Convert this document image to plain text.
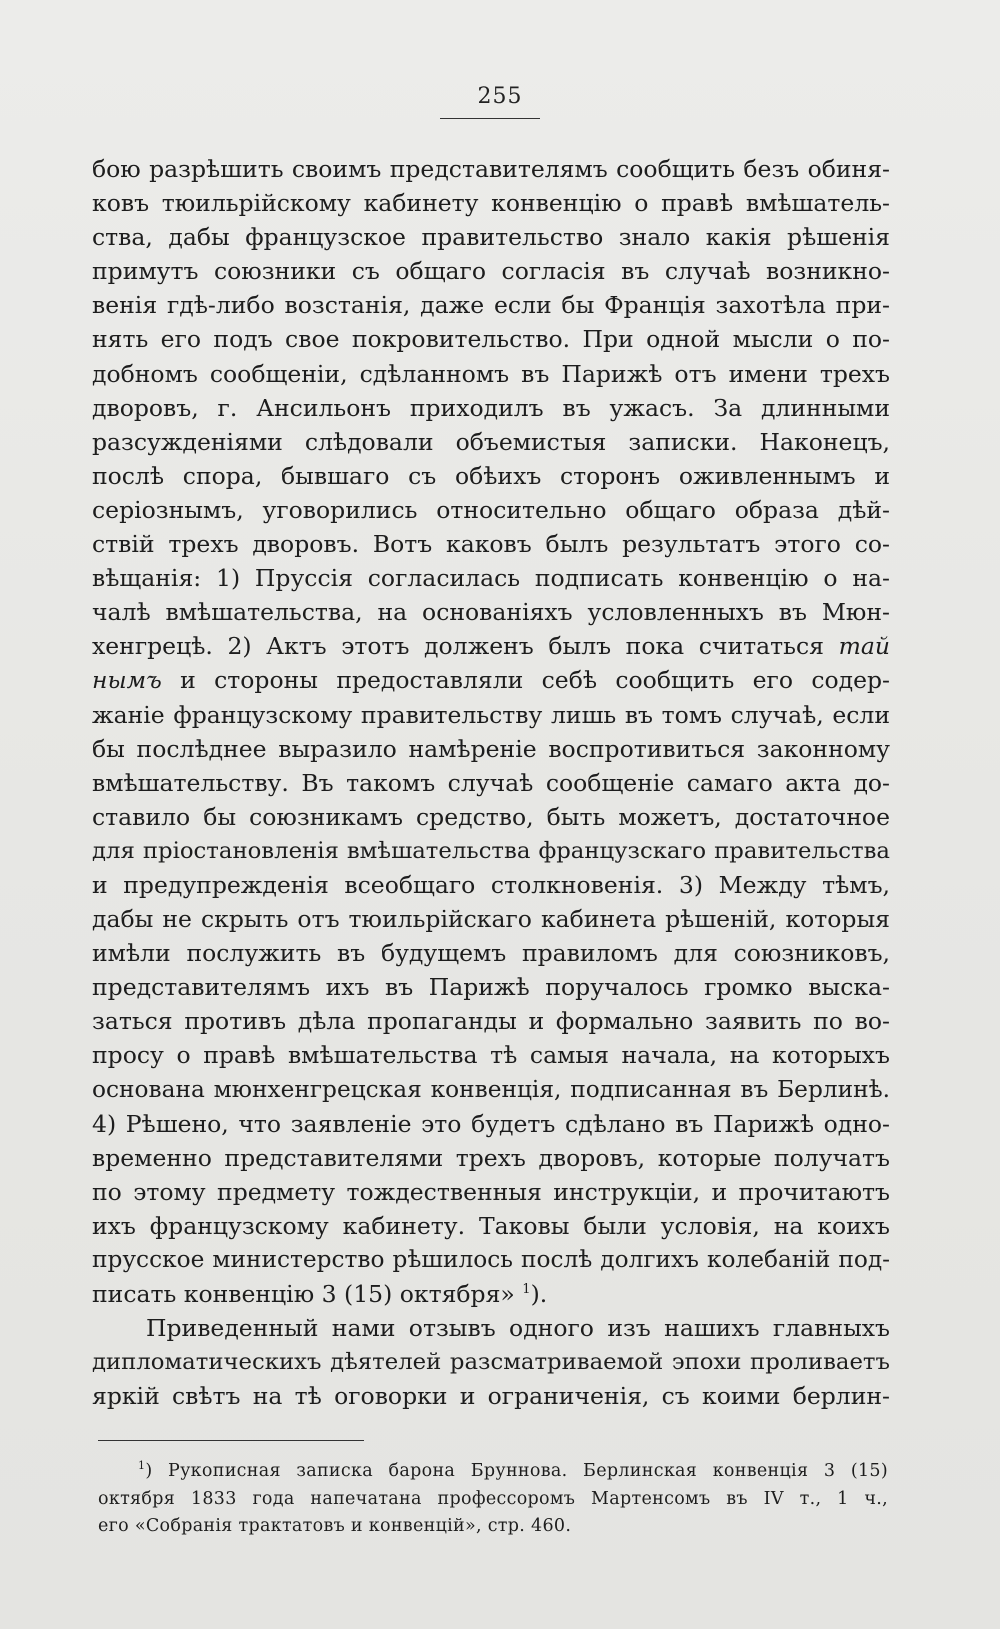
255
бою разрѣшить своимъ представителямъ сообщить безъ обиня-
ковъ тюильрійскому кабинету конвенцію о правѣ вмѣшатель-
ства, дабы французское правительство знало какія рѣшенія
примутъ союзники съ общаго согласія въ случаѣ возникно-
венія гдѣ-либо возстанія, даже если бы Франція захотѣла при-
нять его подъ свое покровительство. При одной мысли о по-
добномъ сообщеніи, сдѣланномъ въ Парижѣ отъ имени трехъ
дворовъ, г. Ансильонъ приходилъ въ ужасъ. За длинными
разсужденіями слѣдовали объемистыя записки. Наконецъ,
послѣ спора, бывшаго съ обѣихъ сторонъ оживленнымъ и
серіознымъ, уговорились относительно общаго образа дѣй-
ствій трехъ дворовъ. Вотъ каковъ былъ результатъ этого со-
вѣщанія: 1) Пруссія согласилась подписать конвенцію о на-
чалѣ вмѣшательства, на основаніяхъ условленныхъ въ Мюн-
хенгрецѣ. 2) Актъ этотъ долженъ былъ пока считаться тай
нымъ и стороны предоставляли себѣ сообщить его содер-
жаніе французскому правительству лишь въ томъ случаѣ, если
бы послѣднее выразило намѣреніе воспротивиться законному
вмѣшательству. Въ такомъ случаѣ сообщеніе самаго акта до-
ставило бы союзникамъ средство, быть можетъ, достаточное
для пріостановленія вмѣшательства французскаго правительства
и предупрежденія всеобщаго столкновенія. 3) Между тѣмъ,
дабы не скрыть отъ тюильрійскаго кабинета рѣшеній, которыя
имѣли послужить въ будущемъ правиломъ для союзниковъ,
представителямъ ихъ въ Парижѣ поручалось громко выска-
заться противъ дѣла пропаганды и формально заявить по во-
просу о правѣ вмѣшательства тѣ самыя начала, на которыхъ
основана мюнхенгрецская конвенція, подписанная въ Берлинѣ.
4) Рѣшено, что заявленіе это будетъ сдѣлано въ Парижѣ одно-
временно представителями трехъ дворовъ, которые получатъ
по этому предмету тождественныя инструкціи, и прочитаютъ
ихъ французскому кабинету. Таковы были условія, на коихъ
прусское министерство рѣшилось послѣ долгихъ колебаній под-
писать конвенцію 3 (15) октября» $^1$).
Приведенный нами отзывъ одного изъ нашихъ главныхъ
дипломатическихъ дѣятелей разсматриваемой эпохи проливаетъ
яркій свѣтъ на тѣ оговорки и ограниченія, съ коими берлин-
$^1$) Рукописная записка барона Бруннова. Берлинская конвенція 3 (15)
октября 1833 года напечатана профессоромъ Мартенсомъ въ IV т., 1 ч.,
его «Собранія трактатовъ и конвенцій», стр. 460.
